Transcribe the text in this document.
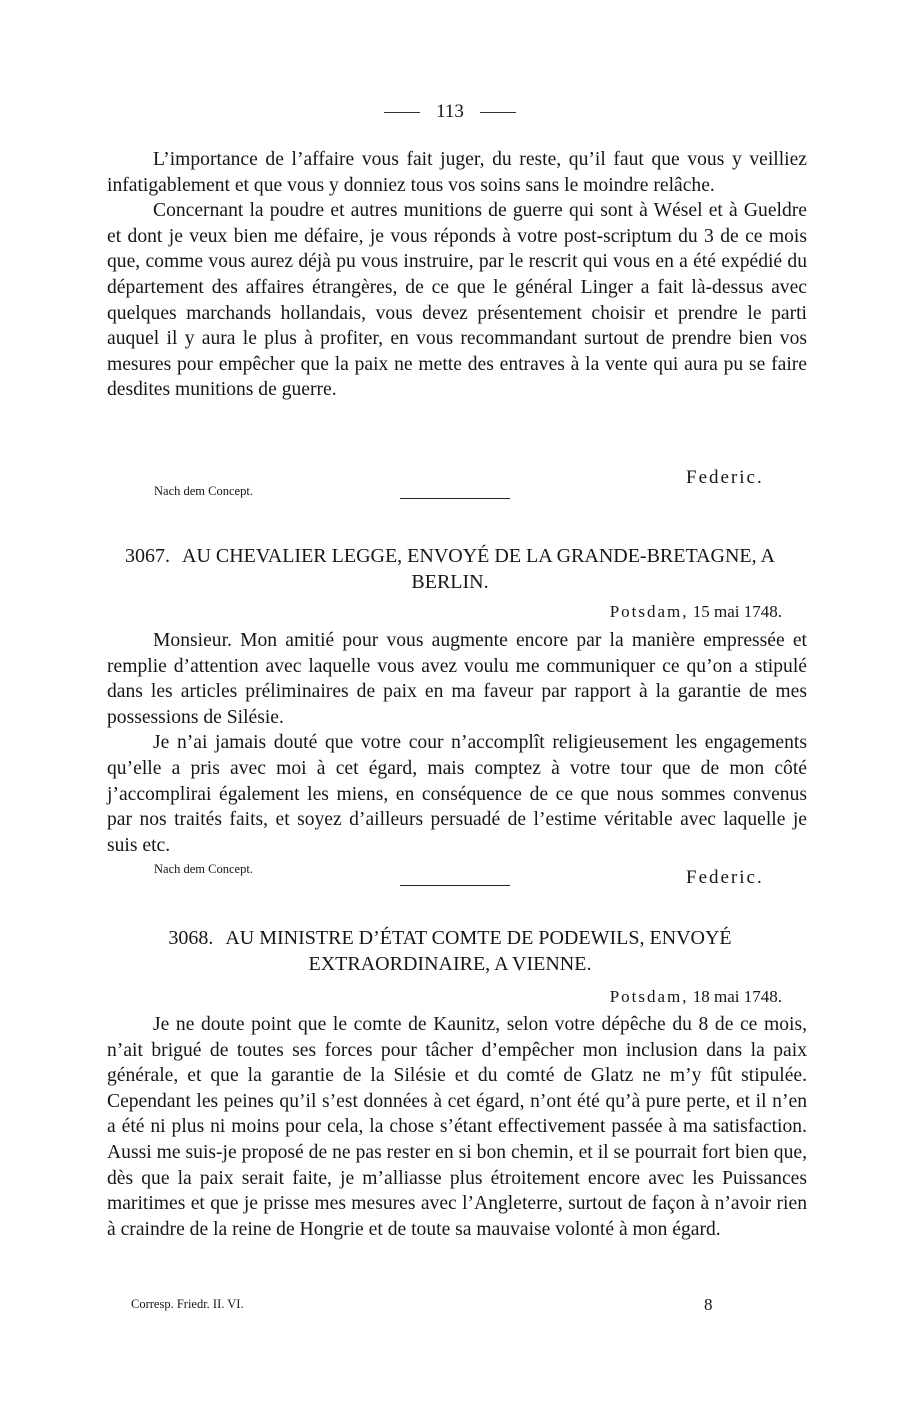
113

L’importance de l’affaire vous fait juger, du reste, qu’il faut que vous y veilliez infatigablement et que vous y donniez tous vos soins sans le moindre relâche.

Concernant la poudre et autres munitions de guerre qui sont à Wésel et à Gueldre et dont je veux bien me défaire, je vous réponds à votre post-scriptum du 3 de ce mois que, comme vous aurez déjà pu vous instruire, par le rescrit qui vous en a été expédié du département des affaires étrangères, de ce que le général Linger a fait là-dessus avec quelques marchands hollandais, vous devez présentement choisir et prendre le parti auquel il y aura le plus à profiter, en vous recommandant surtout de prendre bien vos mesures pour empêcher que la paix ne mette des entraves à la vente qui aura pu se faire desdites munitions de guerre.

Nach dem Concept.
Federic.
3067. AU CHEVALIER LEGGE, ENVOYÉ DE LA GRANDE-BRETAGNE, A BERLIN.
Potsdam, 15 mai 1748.

Monsieur. Mon amitié pour vous augmente encore par la manière empressée et remplie d’attention avec laquelle vous avez voulu me communiquer ce qu’on a stipulé dans les articles préliminaires de paix en ma faveur par rapport à la garantie de mes possessions de Silésie.

Je n’ai jamais douté que votre cour n’accomplît religieusement les engagements qu’elle a pris avec moi à cet égard, mais comptez à votre tour que de mon côté j’accomplirai également les miens, en conséquence de ce que nous sommes convenus par nos traités faits, et soyez d’ailleurs persuadé de l’estime véritable avec laquelle je suis etc.

Nach dem Concept.	Federic.
3068. AU MINISTRE D’ÉTAT COMTE DE PODEWILS, ENVOYÉ EXTRAORDINAIRE, A VIENNE.
Potsdam, 18 mai 1748.

Je ne doute point que le comte de Kaunitz, selon votre dépêche du 8 de ce mois, n’ait brigué de toutes ses forces pour tâcher d’empêcher mon inclusion dans la paix générale, et que la garantie de la Silésie et du comté de Glatz ne m’y fût stipulée. Cependant les peines qu’il s’est données à cet égard, n’ont été qu’à pure perte, et il n’en a été ni plus ni moins pour cela, la chose s’étant effectivement passée à ma satisfaction. Aussi me suis-je proposé de ne pas rester en si bon chemin, et il se pourrait fort bien que, dès que la paix serait faite, je m’alliasse plus étroitement encore avec les Puissances maritimes et que je prisse mes mesures avec l’Angleterre, surtout de façon à n’avoir rien à craindre de la reine de Hongrie et de toute sa mauvaise volonté à mon égard.

Corresp. Friedr. II. VI.	8
